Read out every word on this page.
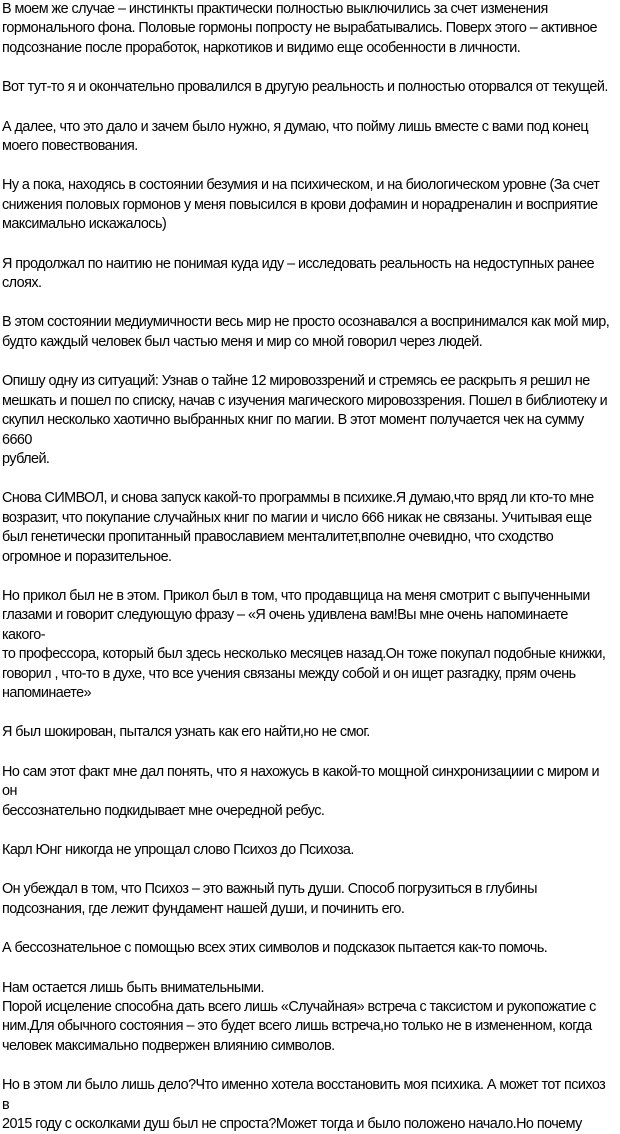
В моем же случае – инстинкты практически полностью выключились за счет изменения
гормонального фона. Половые гормоны попросту не вырабатывались. Поверх этого – активное
подсознание после проработок, наркотиков и видимо еще особенности в личности.

Вот тут-то я и окончательно провалился в другую реальность и полностью оторвался от текущей.

А далее, что это дало и зачем было нужно, я думаю, что пойму лишь вместе с вами под конец
моего повествования.

Ну а пока, находясь в состоянии безумия и на психическом, и на биологическом уровне (За счет
снижения половых гормонов у меня повысился в крови дофамин и норадреналин и восприятие
максимально искажалось)

Я продолжал по наитию не понимая куда иду – исследовать реальность на недоступных ранее
слоях.

В этом состоянии медиумичности весь мир не просто осознавался а воспринимался как мой мир,
будто каждый человек был частью меня и мир со мной говорил через людей.

Опишу одну из ситуаций: Узнав о тайне 12 мировоззрений и стремясь ее раскрыть я решил не
мешкать и пошел по списку, начав с изучения магического мировоззрения. Пошел в библиотеку и
скупил несколько хаотично выбранных книг по магии. В этот момент получается чек на сумму 6660
рублей.

Снова СИМВОЛ, и снова запуск какой-то программы в психике.Я думаю,что вряд ли кто-то мне
возразит, что покупание случайных книг по магии и число 666 никак не связаны. Учитывая еще
был генетически пропитанный православием менталитет,вполне очевидно, что сходство
огромное и поразительное.

Но прикол был не в этом. Прикол был в том, что продавщица на меня смотрит с выпученными
глазами и говорит следующую фразу – «Я очень удивлена вам!Вы мне очень напоминаете какого-
то профессора, который был здесь несколько месяцев назад.Он тоже покупал подобные книжки,
говорил , что-то в духе, что все учения связаны между собой и он ищет разгадку, прям очень
напоминаете»

Я был шокирован, пытался узнать как его найти,но не смог.

Но сам этот факт мне дал понять, что я нахожусь в какой-то мощной синхронизациии с миром и он
бессознательно подкидывает мне очередной ребус.

Карл Юнг никогда не упрощал слово Психоз до Психоза.

Он убеждал в том, что Психоз – это важный путь души. Способ погрузиться в глубины
подсознания, где лежит фундамент нашей души, и починить его.

А бессознательное с помощью всех этих символов и подсказок пытается как-то помочь.

Нам остается лишь быть внимательными.

Порой исцеление способна дать всего лишь «Случайная» встреча с таксистом и рукопожатие с
ним.Для обычного состояния – это будет всего лишь встреча,но только не в измененном, когда
человек максимально подвержен влиянию символов.

Но в этом ли было лишь дело?Что именно хотела восстановить моя психика. А может тот психоз в
2015 году с осколками душ был не спроста?Может тогда и было положено начало.Но почему
